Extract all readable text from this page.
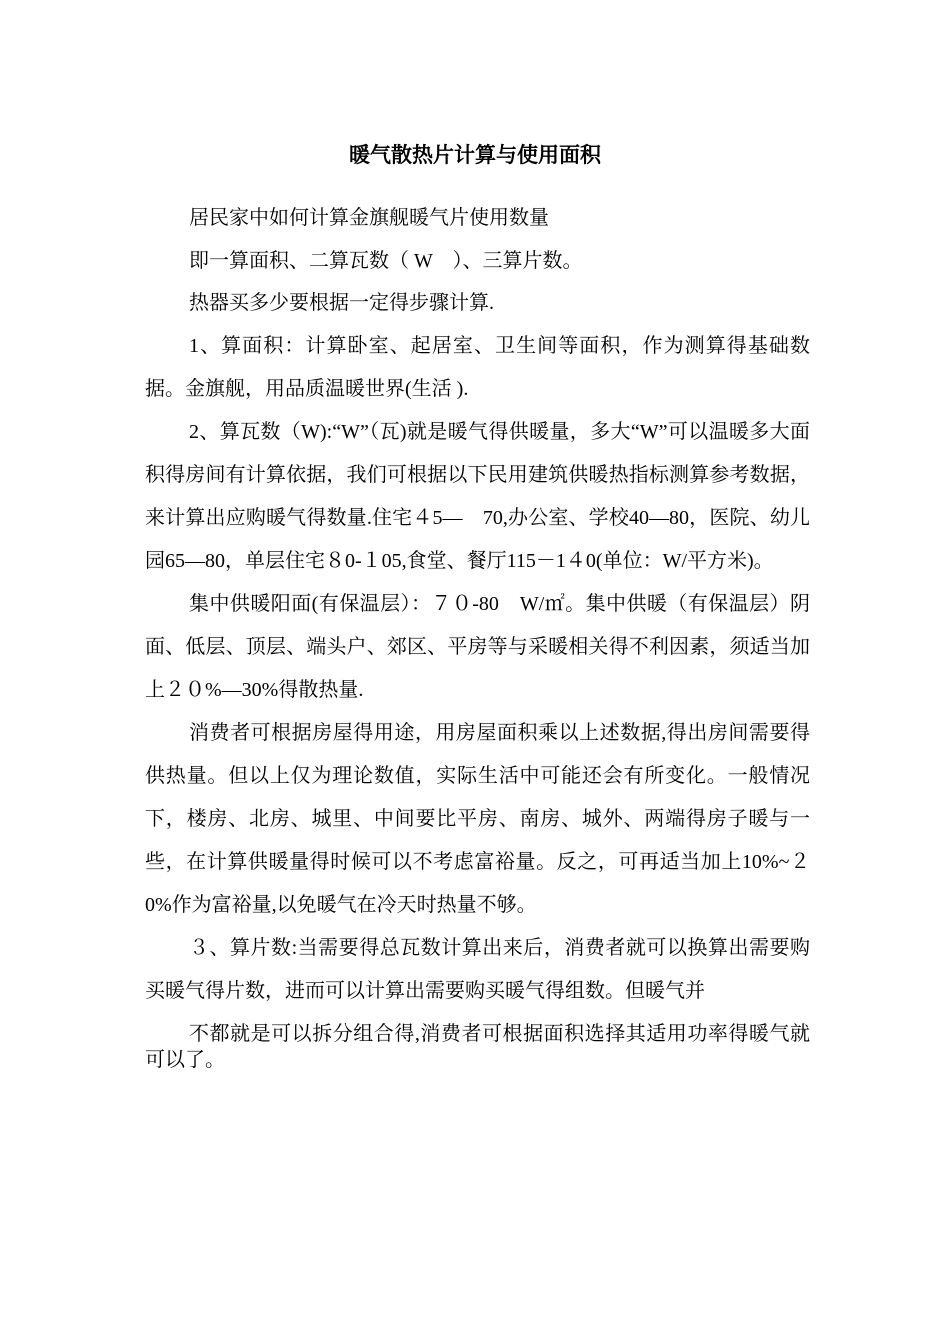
暖气散热片计算与使用面积

居民家中如何计算金旗舰暖气片使用数量

即一算面积、二算瓦数（ W　）、三算片数。

热器买多少要根据一定得步骤计算.

1、算面积：计算卧室、起居室、卫生间等面积，作为测算得基础数据。金旗舰，用品质温暖世界(生活 ).

2、算瓦数（W):“W”（瓦)就是暖气得供暖量，多大“W”可以温暖多大面积得房间有计算依据，我们可根据以下民用建筑供暖热指标测算参考数据，来计算出应购暖气得数量.住宅４5—　70,办公室、学校40—80，医院、幼儿园65—80，单层住宅８0-１05,食堂、餐厅115－1４0(单位：W/平方米)。

集中供暖阳面(有保温层）：７０-80　W/㎡。集中供暖（有保温层）阴面、低层、顶层、端头户、郊区、平房等与采暖相关得不利因素，须适当加上２０%—30%得散热量.

消费者可根据房屋得用途，用房屋面积乘以上述数据,得出房间需要得供热量。但以上仅为理论数值，实际生活中可能还会有所变化。一般情况下，楼房、北房、城里、中间要比平房、南房、城外、两端得房子暖与一些，在计算供暖量得时候可以不考虑富裕量。反之，可再适当加上10%~２0%作为富裕量,以免暖气在冷天时热量不够。

３、算片数:当需要得总瓦数计算出来后，消费者就可以换算出需要购买暖气得片数，进而可以计算出需要购买暖气得组数。但暖气并

不都就是可以拆分组合得,消费者可根据面积选择其适用功率得暖气就可以了。
